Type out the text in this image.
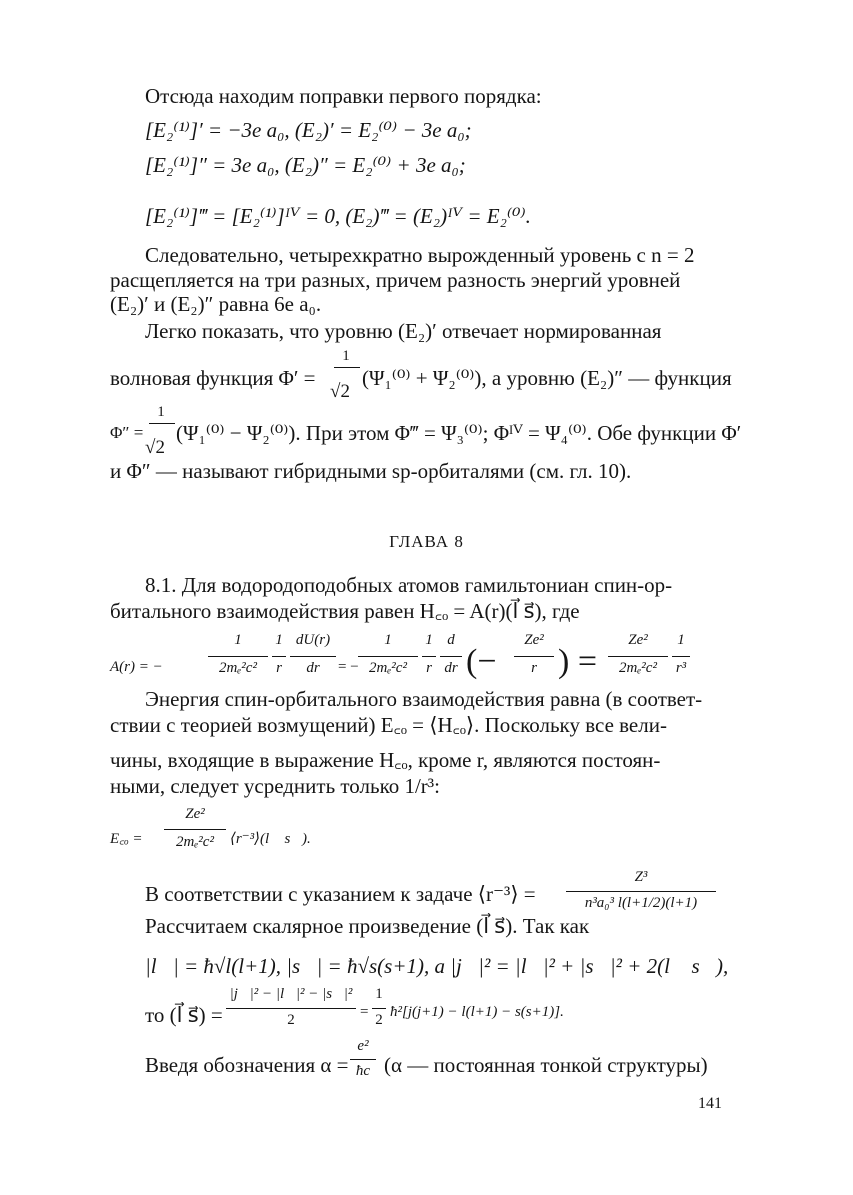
Отсюда находим поправки первого порядка:
[E₂⁽¹⁾]′ = −3e a₀, (E₂)′ = E₂⁽⁰⁾ − 3e a₀;
[E₂⁽¹⁾]″ = 3e a₀, (E₂)″ = E₂⁽⁰⁾ + 3e a₀;
[E₂⁽¹⁾]‴ = [E₂⁽¹⁾]ᴵⱽ = 0, (E₂)‴ = (E₂)ᴵⱽ = E₂⁽⁰⁾.
Следовательно, четырехкратно вырожденный уровень с n = 2
расщепляется на три разных, причем разность энергий уровней
(E₂)′ и (E₂)″ равна 6e a₀.
Легко показать, что уровню (E₂)′ отвечает нормированная
волновая функция Φ′ =
1
√2
(Ψ₁⁽⁰⁾ + Ψ₂⁽⁰⁾), а уровню (E₂)″ — функция
Φ″ =
1
√2
(Ψ₁⁽⁰⁾ − Ψ₂⁽⁰⁾). При этом Φ‴ = Ψ₃⁽⁰⁾; Φᴵⱽ = Ψ₄⁽⁰⁾. Обе функции Φ′
и Φ″ — называют гибридными sp-орбиталями (см. гл. 10).
ГЛАВА 8
8.1. Для водородоподобных атомов гамильтониан спин-ор-
битального взаимодействия равен H꜀ₒ = A(r)(l⃗ s⃗), где
A(r) = −
1
2mₑ²c²
1
r
dU(r)
dr	= −
1
2mₑ²c²
1
r
d
dr (−
Ze²
r ) =
Ze²
2mₑ²c²
1
r³
Энергия спин-орбитального взаимодействия равна (в соответ-
ствии с теорией возмущений) E꜀ₒ = ⟨H꜀ₒ⟩. Поскольку все вели-
чины, входящие в выражение H꜀ₒ, кроме r, являются постоян-
ными, следует усреднить только 1/r³:
E꜀ₒ =
Ze²
2mₑ²c²	⟨r⁻³⟩(l⃗ s⃗).
В соответствии с указанием к задаче ⟨r⁻³⟩ =
Z³
n³a₀³ l(l+1/2)(l+1)
Рассчитаем скалярное произведение (l⃗ s⃗). Так как
|l⃗| = ħ√l(l+1), |s⃗| = ħ√s(s+1), а |j⃗|² = |l⃗|² + |s⃗|² + 2(l⃗ s⃗),
то (l⃗ s⃗) =
|j⃗|² − |l⃗|² − |s⃗|²
2	=
1
2 ħ²[j(j+1) − l(l+1) − s(s+1)].
Введя обозначения α =
e²
ħc (α — постоянная тонкой структуры)
141
